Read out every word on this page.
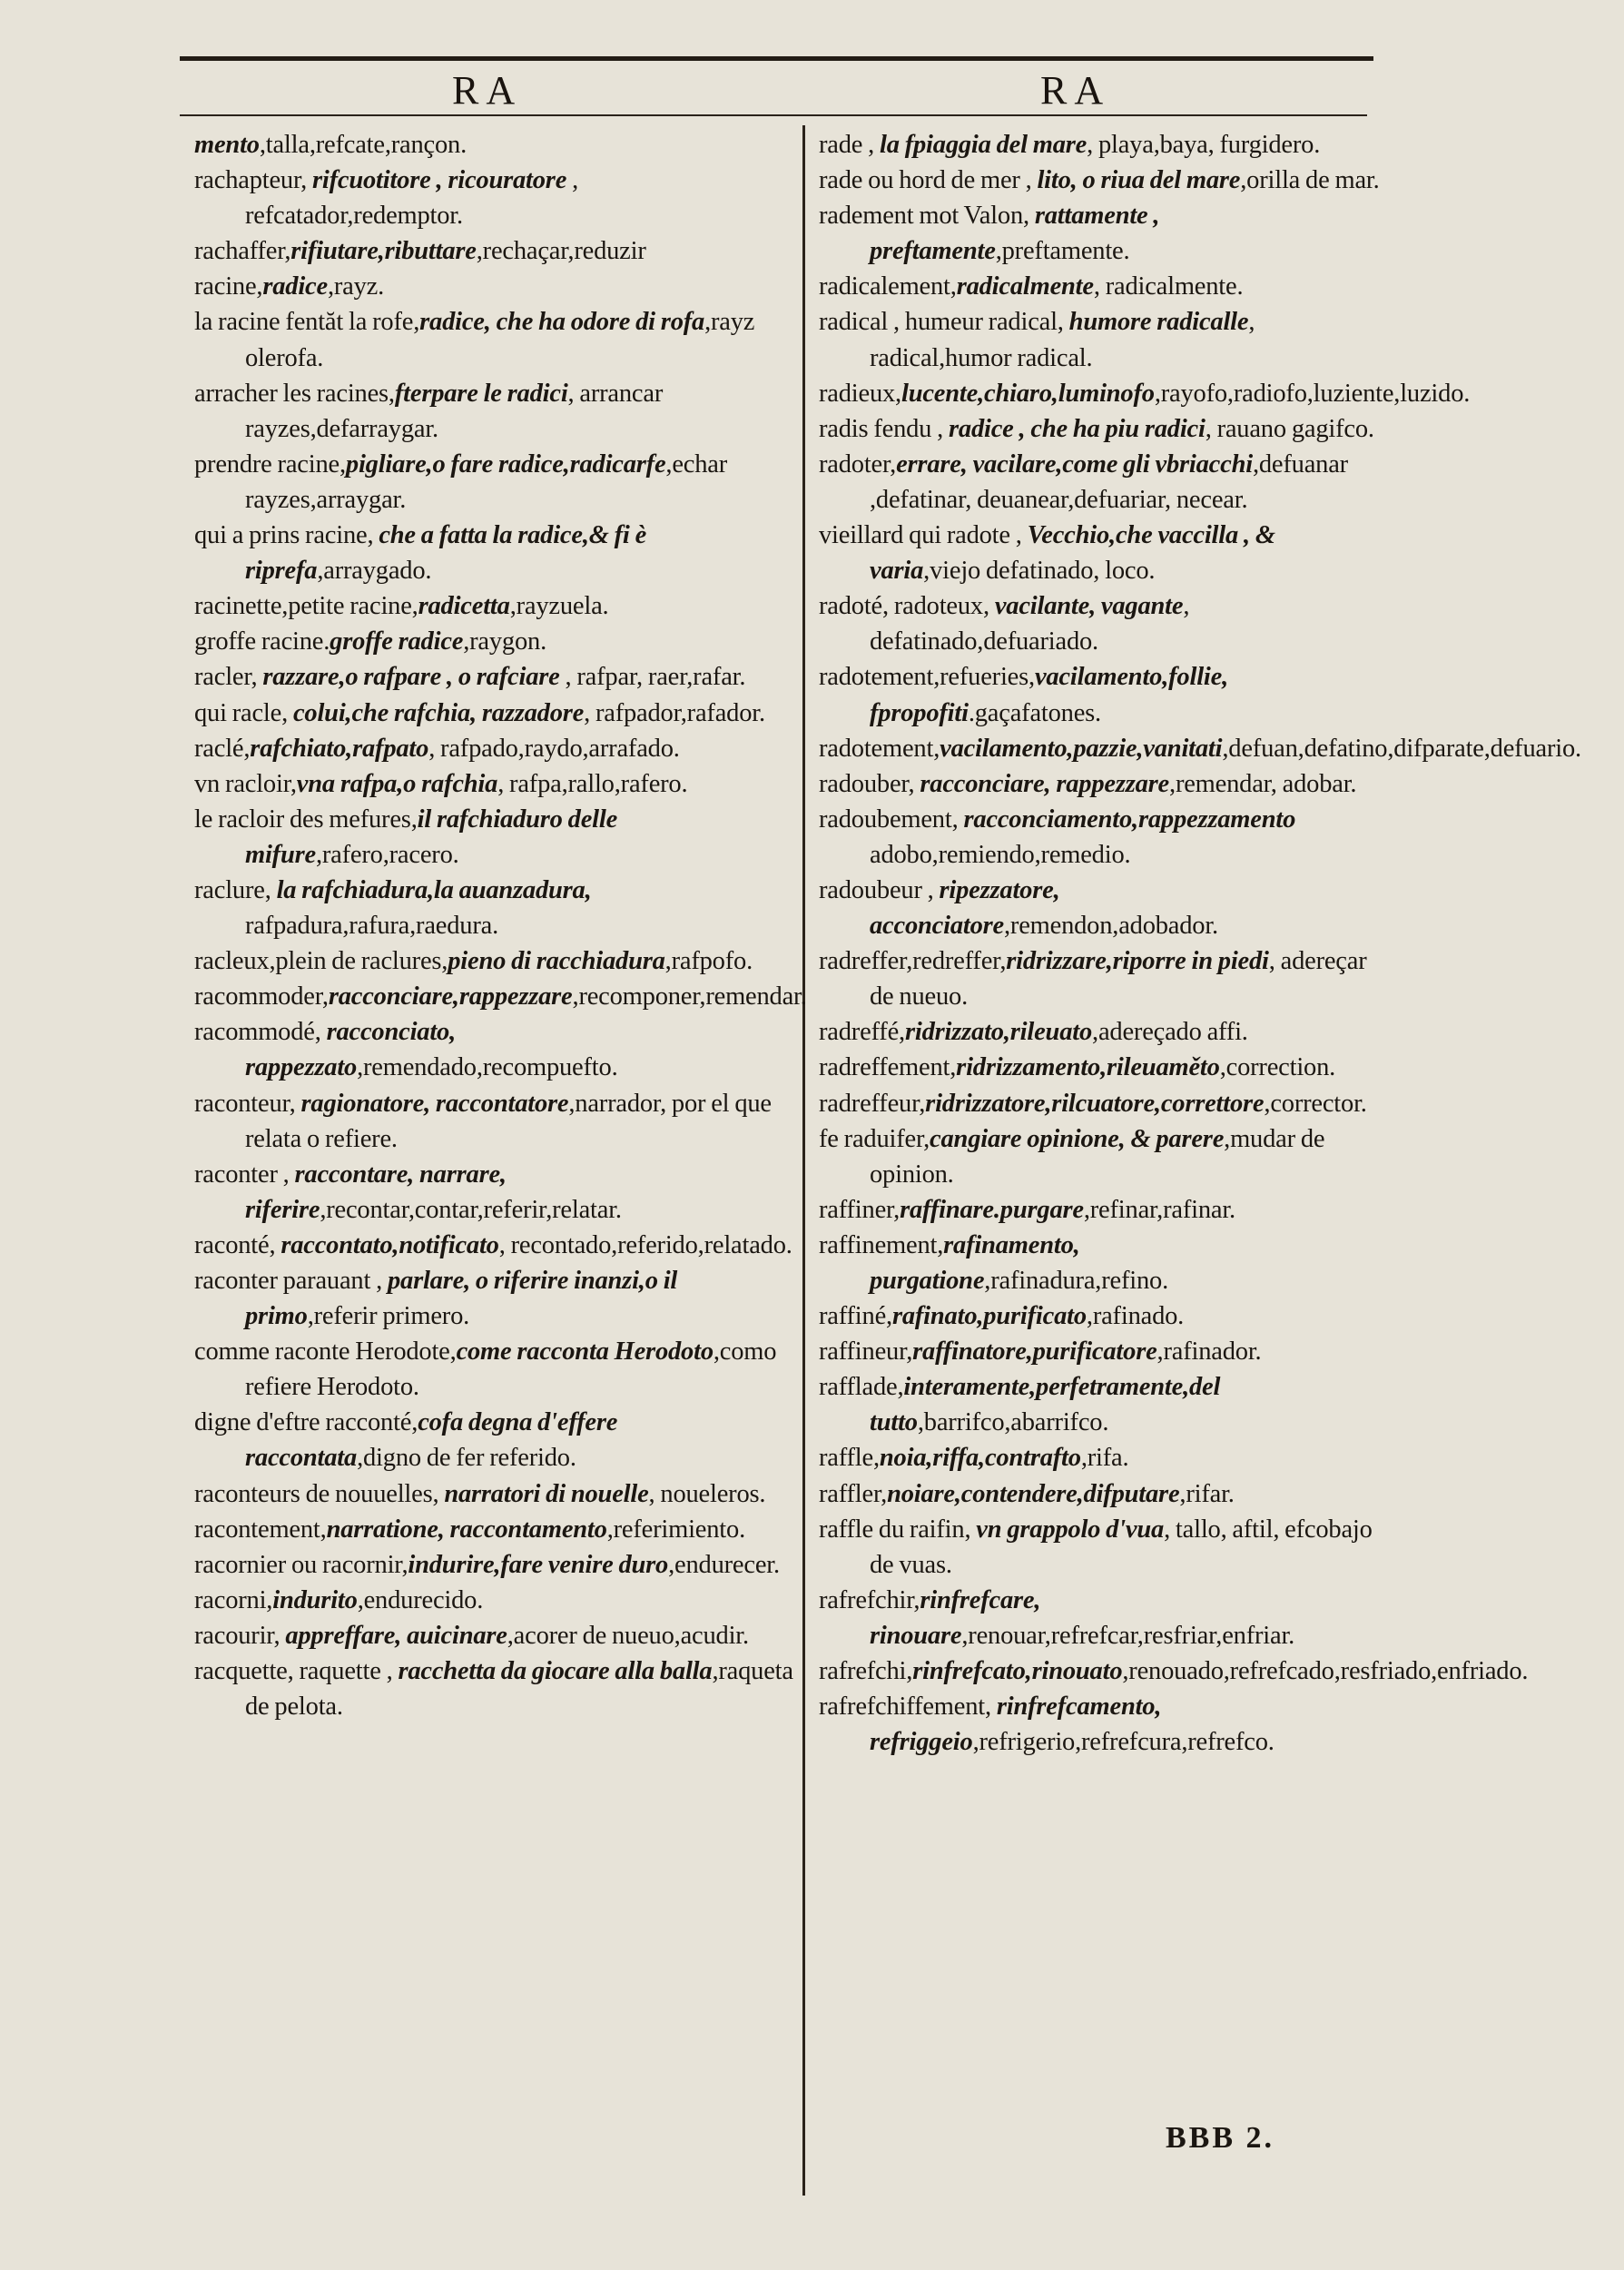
RA	RA

mento,talla,refcate,rançon.

rachapteur, rifcuotitore , ricouratore , refcatador,redemptor.

rachaffer,rifiutare,ributtare,rechaçar,reduzir

racine,radice,rayz.

la racine fentăt la rofe,radice, che ha odore di rofa,rayz olerofa.

arracher les racines,fterpare le radici, arrancar rayzes,defarraygar.

prendre racine,pigliare,o fare radice,radicarfe,echar rayzes,arraygar.

qui a prins racine, che a fatta la radice,& fi è riprefa,arraygado.

racinette,petite racine,radicetta,rayzuela.

groffe racine.groffe radice,raygon.

racler, razzare,o rafpare , o rafciare , rafpar, raer,rafar.

qui racle, colui,che rafchia, razzadore, rafpador,rafador.

raclé,rafchiato,rafpato, rafpado,raydo,arrafado.

vn racloir,vna rafpa,o rafchia, rafpa,rallo,rafero.

le racloir des mefures,il rafchiaduro delle mifure,rafero,racero.

raclure, la rafchiadura,la auanzadura, rafpadura,rafura,raedura.

racleux,plein de raclures,pieno di racchiadura,rafpofo.

racommoder,racconciare,rappezzare,recomponer,remendar.

racommodé, racconciato, rappezzato,remendado,recompuefto.

raconteur, ragionatore, raccontatore,narrador, por el que relata o refiere.

raconter , raccontare, narrare, riferire,recontar,contar,referir,relatar.

raconté, raccontato,notificato, recontado,referido,relatado.

raconter parauant , parlare, o riferire inanzi,o il primo,referir primero.

comme raconte Herodote,come racconta Herodoto,como refiere Herodoto.

digne d'eftre racconté,cofa degna d'effere raccontata,digno de fer referido.

raconteurs de nouuelles, narratori di nouelle, noueleros.

racontement,narratione, raccontamento,referimiento.

racornier ou racornir,indurire,fare venire duro,endurecer.

racorni,indurito,endurecido.

racourir, appreffare, auicinare,acorer de nueuo,acudir.

racquette, raquette , racchetta da giocare alla balla,raqueta de pelota.

rade , la fpiaggia del mare, playa,baya, furgidero.

rade ou hord de mer , lito, o riua del mare,orilla de mar.

radement mot Valon, rattamente , preftamente,preftamente.

radicalement,radicalmente, radicalmente.

radical , humeur radical, humore radicalle, radical,humor radical.

radieux,lucente,chiaro,luminofo,rayofo,radiofo,luziente,luzido.

radis fendu , radice , che ha piu radici, rauano gagifco.

radoter,errare, vacilare,come gli vbriacchi,defuanar ,defatinar, deuanear,defuariar, necear.

vieillard qui radote , Vecchio,che vaccilla , & varia,viejo defatinado, loco.

radoté, radoteux, vacilante, vagante, defatinado,defuariado.

radotement,refueries,vacilamento,follie, fpropofiti.gaçafatones.

radotement,vacilamento,pazzie,vanitati,defuan,defatino,difparate,defuario.

radouber, racconciare, rappezzare,remendar, adobar.

radoubement, racconciamento,rappezzamento adobo,remiendo,remedio.

radoubeur , ripezzatore, acconciatore,remendon,adobador.

radreffer,redreffer,ridrizzare,riporre in piedi, adereçar de nueuo.

radreffé,ridrizzato,rileuato,adereçado affi.

radreffement,ridrizzamento,rileuaměto,correction.

radreffeur,ridrizzatore,rilcuatore,correttore,corrector.

fe raduifer,cangiare opinione, & parere,mudar de opinion.

raffiner,raffinare.purgare,refinar,rafinar.

raffinement,rafinamento, purgatione,rafinadura,refino.

raffiné,rafinato,purificato,rafinado.

raffineur,raffinatore,purificatore,rafinador.

rafflade,interamente,perfetramente,del tutto,barrifco,abarrifco.

raffle,noia,riffa,contrafto,rifa.

raffler,noiare,contendere,difputare,rifar.

raffle du raifin, vn grappolo d'vua, tallo, aftil, efcobajo de vuas.

rafrefchir,rinfrefcare, rinouare,renouar,refrefcar,resfriar,enfriar.

rafrefchi,rinfrefcato,rinouato,renouado,refrefcado,resfriado,enfriado.

rafrefchiffement, rinfrefcamento, refriggeio,refrigerio,refrefcura,refrefco.

BBB 2.
